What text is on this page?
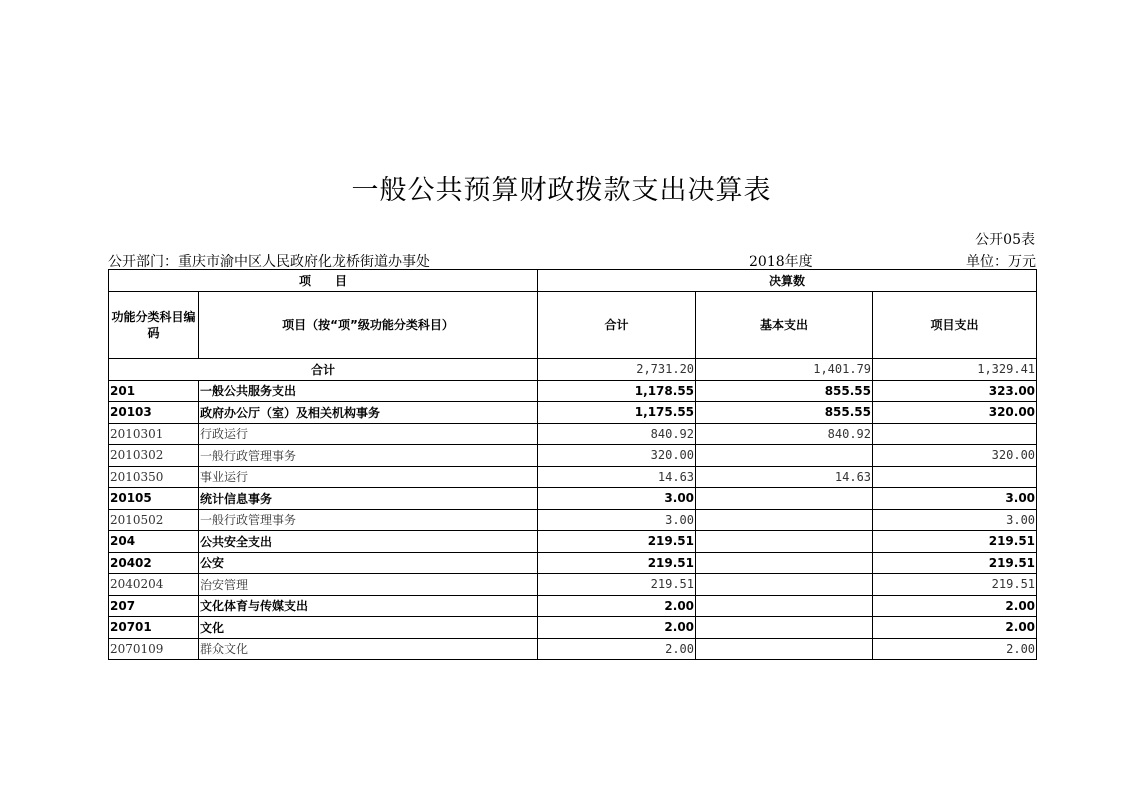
一般公共预算财政拨款支出决算表
公开05表
公开部门：重庆市渝中区人民政府化龙桥街道办事处	2018年度	单位：万元
项　　目		决算数		
功能分类科目编码	项目（按“项”级功能分类科目）	合计	基本支出	项目支出
合计		2,731.20	1,401.79	1,329.41
201	一般公共服务支出	1,178.55	855.55	323.00
20103	政府办公厅（室）及相关机构事务	1,175.55	855.55	320.00
2010301	行政运行	840.92	840.92	
2010302	一般行政管理事务	320.00		320.00
2010350	事业运行	14.63	14.63	
20105	统计信息事务	3.00		3.00
2010502	一般行政管理事务	3.00		3.00
204	公共安全支出	219.51		219.51
20402	公安	219.51		219.51
2040204	治安管理	219.51		219.51
207	文化体育与传媒支出	2.00		2.00
20701	文化	2.00		2.00
2070109	群众文化	2.00		2.00
